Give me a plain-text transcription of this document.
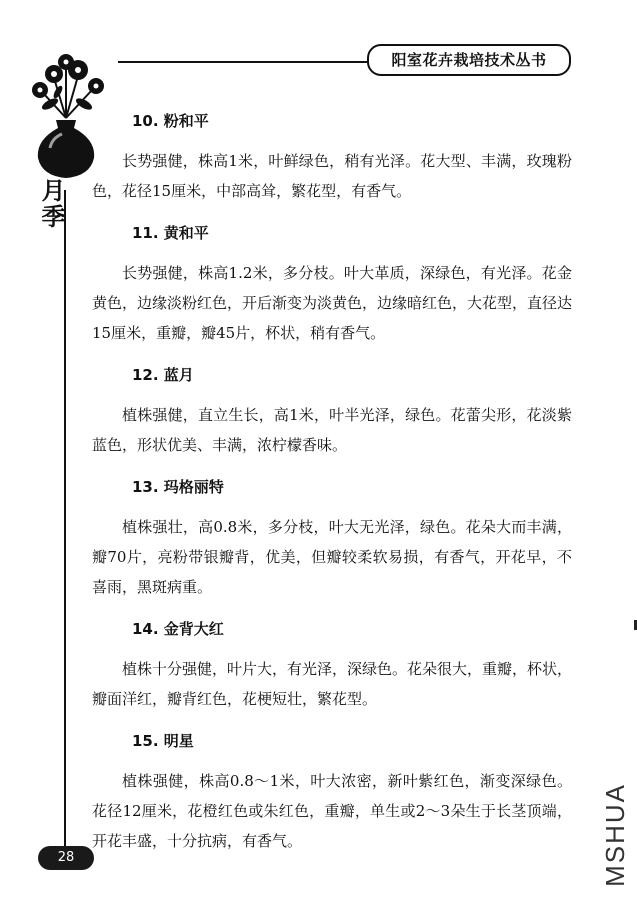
阳室花卉栽培技术丛书
月季
10. 粉和平

长势强健，株高1米，叶鲜绿色，稍有光泽。花大型、丰满，玫瑰粉色，花径15厘米，中部高耸，繁花型，有香气。

11. 黄和平

长势强健，株高1.2米，多分枝。叶大革质，深绿色，有光泽。花金黄色，边缘淡粉红色，开后渐变为淡黄色，边缘暗红色，大花型，直径达15厘米，重瓣，瓣45片，杯状，稍有香气。

12. 蓝月

植株强健，直立生长，高1米，叶半光泽，绿色。花蕾尖形，花淡紫蓝色，形状优美、丰满，浓柠檬香味。

13. 玛格丽特

植株强壮，高0.8米，多分枝，叶大无光泽，绿色。花朵大而丰满，瓣70片，亮粉带银瓣背，优美，但瓣较柔软易损，有香气，开花早，不喜雨，黑斑病重。

14. 金背大红

植株十分强健，叶片大，有光泽，深绿色。花朵很大，重瓣，杯状，瓣面洋红，瓣背红色，花梗短壮，繁花型。

15. 明星

植株强健，株高0.8～1米，叶大浓密，新叶紫红色，渐变深绿色。花径12厘米，花橙红色或朱红色，重瓣，单生或2～3朵生于长茎顶端，开花丰盛，十分抗病，有香气。

28	MSHUA
